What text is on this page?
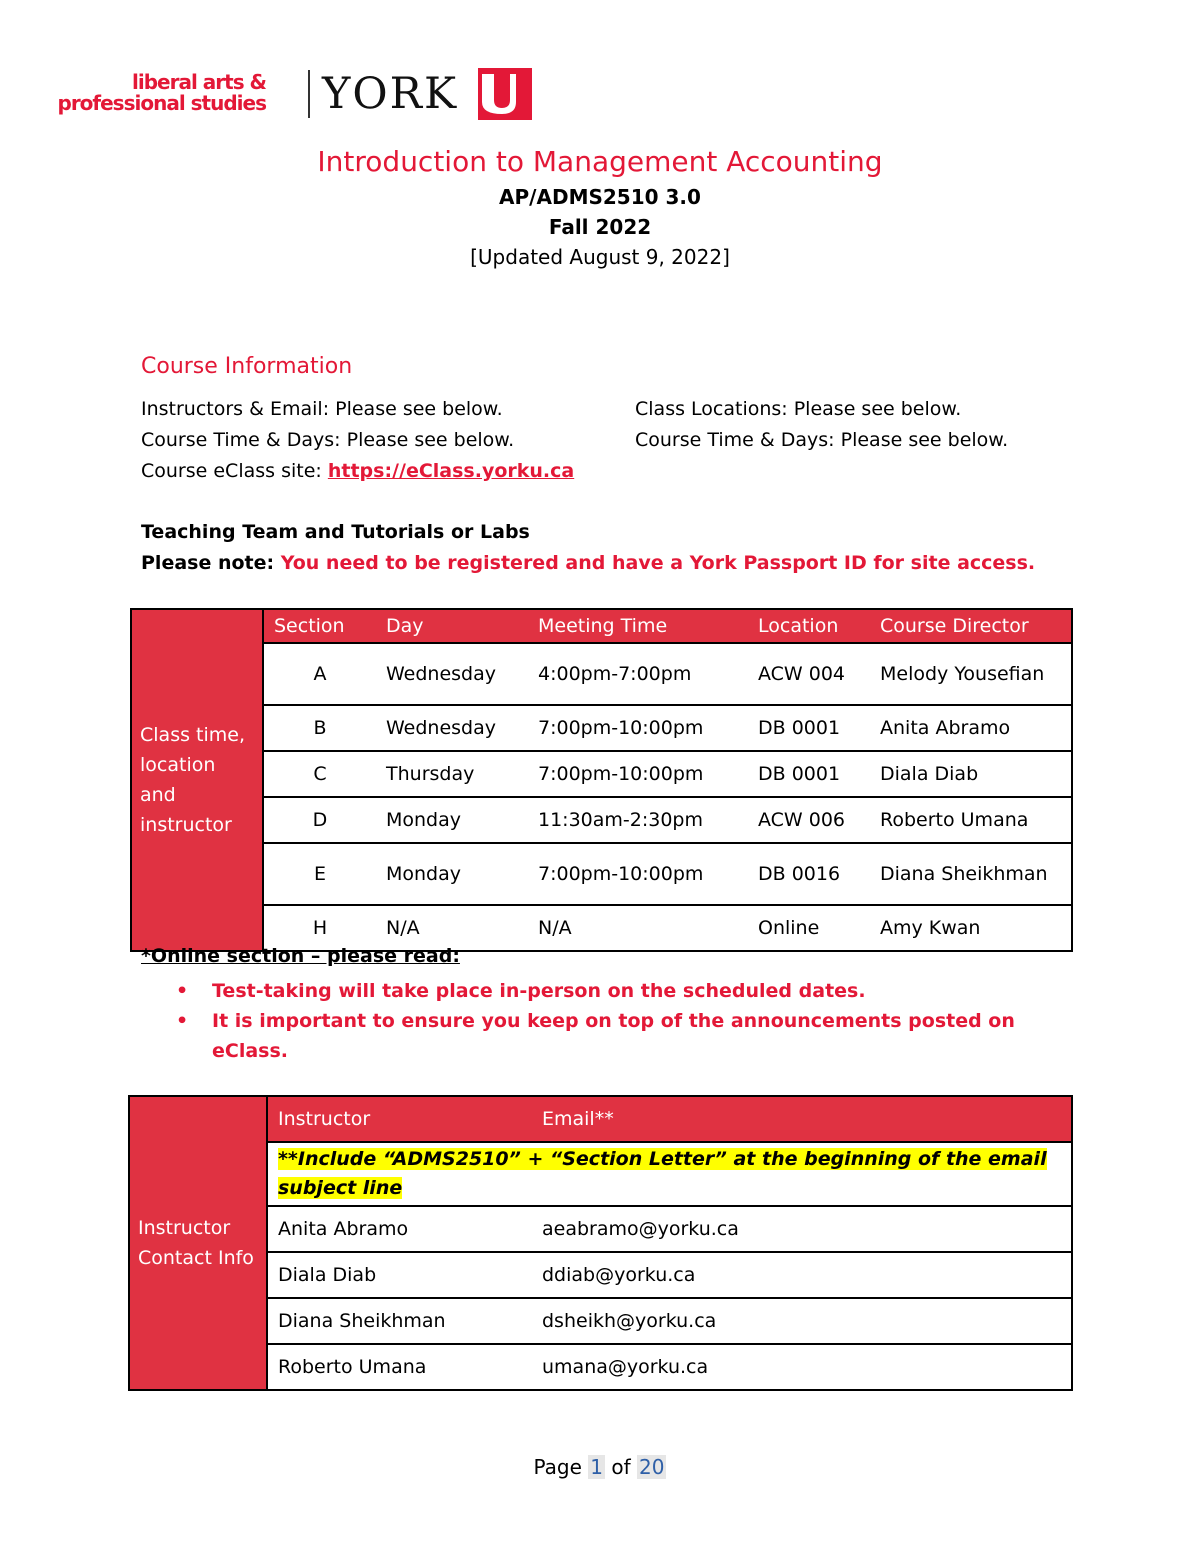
liberal arts &
professional studies YORK
Introduction to Management Accounting
AP/ADMS2510 3.0
Fall 2022
[Updated August 9, 2022]
Course Information
Instructors & Email: Please see below.
Course Time & Days: Please see below.
Course eClass site: https://eClass.yorku.ca
Class Locations: Please see below.
Course Time & Days: Please see below.
Teaching Team and Tutorials or Labs
Please note: You need to be registered and have a York Passport ID for site access.
Class time, location and instructor	Section	Day	Meeting Time	Location	Course Director
	A	Wednesday	4:00pm-7:00pm	ACW 004	Melody Yousefian
	B	Wednesday	7:00pm-10:00pm	DB 0001	Anita Abramo
	C	Thursday	7:00pm-10:00pm	DB 0001	Diala Diab
	D	Monday	11:30am-2:30pm	ACW 006	Roberto Umana
	E	Monday	7:00pm-10:00pm	DB 0016	Diana Sheikhman
	H	N/A	N/A	Online	Amy Kwan
*Online section – please read:
• Test-taking will take place in-person on the scheduled dates.
• It is important to ensure you keep on top of the announcements posted on eClass.
Instructor Contact Info	Instructor	Email**
	**Include “ADMS2510” + “Section Letter” at the beginning of the email subject line	
	Anita Abramo	aeabramo@yorku.ca
	Diala Diab	ddiab@yorku.ca
	Diana Sheikhman	dsheikh@yorku.ca
	Roberto Umana	umana@yorku.ca
Page 1 of 20
